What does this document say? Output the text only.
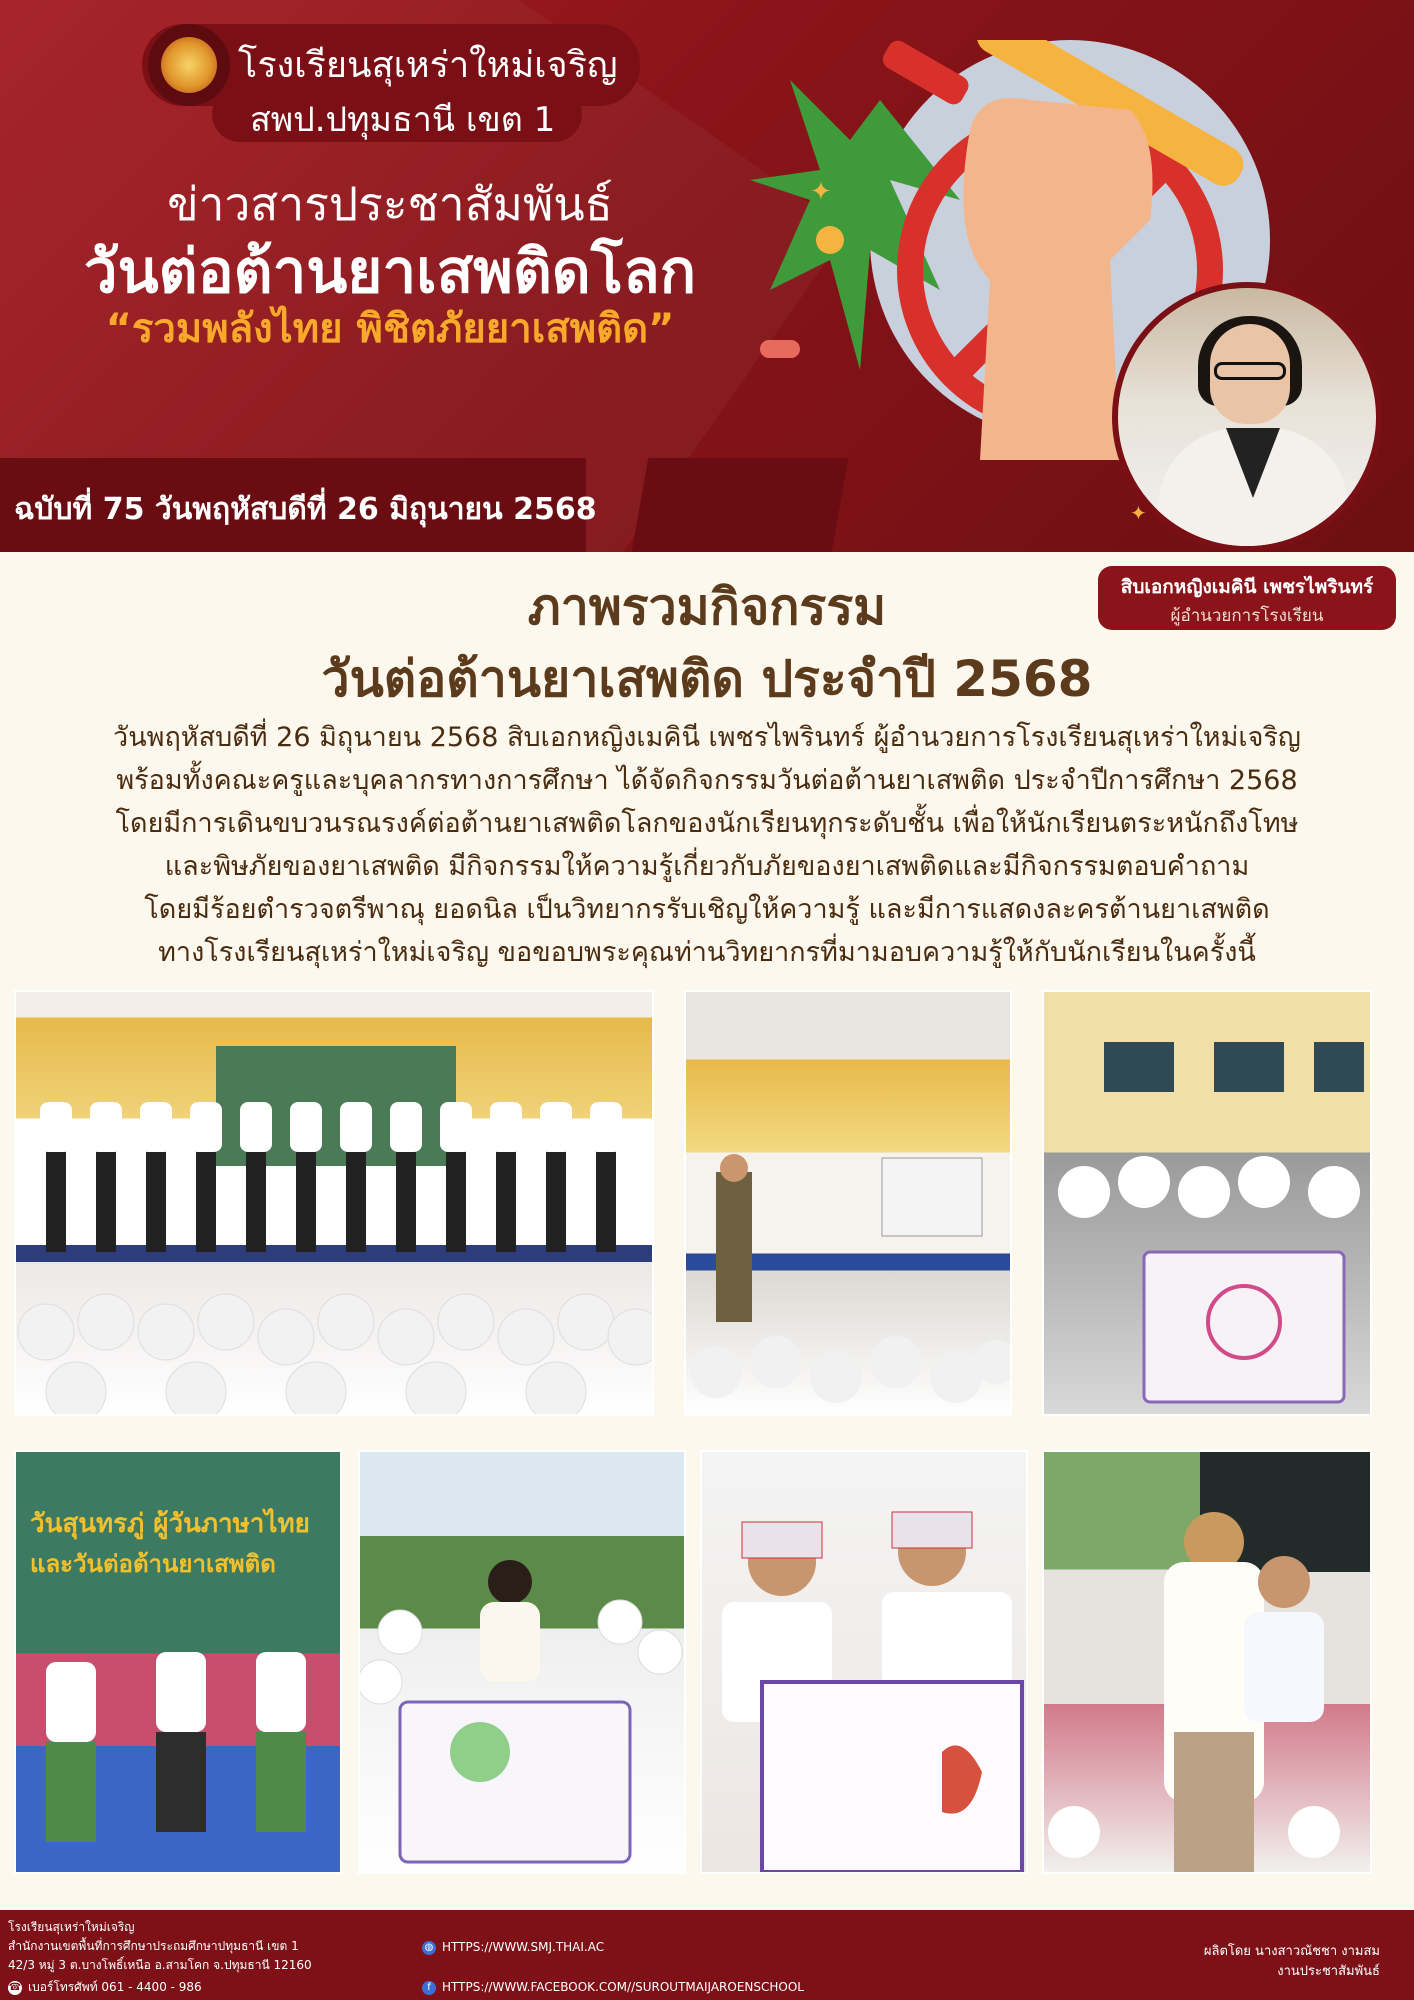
โรงเรียนสุเหร่าใหม่เจริญ
สพป.ปทุมธานี เขต 1
ข่าวสารประชาสัมพันธ์
วันต่อต้านยาเสพติดโลก
“รวมพลังไทย พิชิตภัยยาเสพติด”
✦
✦
ฉบับที่ 75 วันพฤหัสบดีที่ 26 มิถุนายน 2568
สิบเอกหญิงเมคินี เพชรไพรินทร์
ผู้อำนวยการโรงเรียน
ภาพรวมกิจกรรม
วันต่อต้านยาเสพติด ประจำปี 2568
วันพฤหัสบดีที่ 26 มิถุนายน 2568 สิบเอกหญิงเมคินี เพชรไพรินทร์ ผู้อำนวยการโรงเรียนสุเหร่าใหม่เจริญ
พร้อมทั้งคณะครูและบุคลากรทางการศึกษา ได้จัดกิจกรรมวันต่อต้านยาเสพติด ประจำปีการศึกษา 2568
โดยมีการเดินขบวนรณรงค์ต่อต้านยาเสพติดโลกของนักเรียนทุกระดับชั้น เพื่อให้นักเรียนตระหนักถึงโทษ
และพิษภัยของยาเสพติด มีกิจกรรมให้ความรู้เกี่ยวกับภัยของยาเสพติดและมีกิจกรรมตอบคำถาม
โดยมีร้อยตำรวจตรีพาณุ ยอดนิล เป็นวิทยากรรับเชิญให้ความรู้ และมีการแสดงละครต้านยาเสพติด
ทางโรงเรียนสุเหร่าใหม่เจริญ ขอขอบพระคุณท่านวิทยากรที่มามอบความรู้ให้กับนักเรียนในครั้งนี้
วันสุนทรภู่ ผู้วันภาษาไทย
และวันต่อต้านยาเสพติด
โรงเรียนสุเหร่าใหม่เจริญ
สำนักงานเขตพื้นที่การศึกษาประถมศึกษาปทุมธานี เขต 1
42/3 หมู่ 3 ต.บางโพธิ์เหนือ อ.สามโคก จ.ปทุมธานี 12160
☎ เบอร์โทรศัพท์ 061 - 4400 - 986
◍ HTTPS://WWW.SMJ.THAI.AC
f HTTPS://WWW.FACEBOOK.COM//SUROUTMAIJAROENSCHOOL
ผลิตโดย นางสาวณัชชา งามสม
งานประชาสัมพันธ์
